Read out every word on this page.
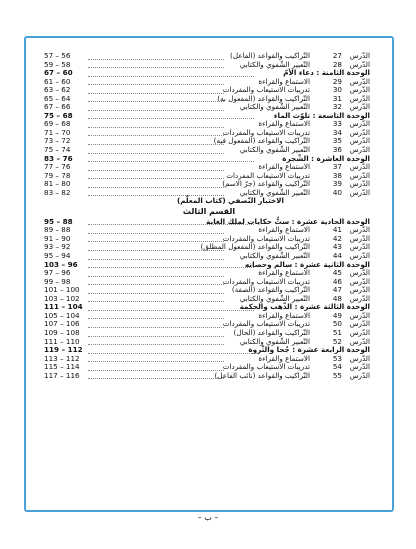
الدّرس
27
التّراكيب والقواعد (الفاعل)
57 – 56
الدّرس
28
التّعبير الشّفوي والكتابي
59 – 58
الوحدة الثامنة : دعاء الأمّ
67 – 60
الدّرس
29
الاستماع والقراءة
61 – 60
الدّرس
30
تدريبات الاستيعاب والمفردات
63 – 62
الدّرس
31
التّراكيب والقواعد (المفعول به)
65 – 64
الدّرس
32
التّعبير الشّفوي والكتابي
67 – 66
الوحدة التاسعة : تلوّث الماء
75 – 68
الدّرس
33
الاستماع والقراءة
69 – 68
الدّرس
34
تدريبات الاستيعاب والمفردات
71 – 70
الدّرس
35
التّراكيب والقواعد (المفعول فيه)
73 – 72
الدّرس
36
التّعبير الشّفوي والكتابي
75 – 74
الوحدة العاشرة : الشّجرة
83 – 76
الدّرس
37
الاستماع والقراءة
77 – 76
الدّرس
38
تدريبات الاستيعاب المفردات
79 – 78
الدّرس
39
التّراكيب والقواعد (جرّ الاسم)
81 – 80
الدّرس
40
التّعبير الشّفوي والكتابي
83 – 82
الاختبار النّصفي (كتاب المعلّم)
القسم الثالث
الوحدة الحادية عشرة : ستُّ حكايات لملك الغابة
95 – 88
الدّرس
41
الاستماع والقراءة
89 – 88
الدّرس
42
تدريبات الاستيعاب والمفردات
91 – 90
الدّرس
43
التّراكيب والقواعد (المفعول المطلق)
93 – 92
الدّرس
44
التّعبير الشّفوي والكتابي
95 – 94
الوحدة الثانية عشرة : سالم وحصانه
103 – 96
الدّرس
45
الاستماع والقراءة
97 – 96
الدّرس
46
تدريبات الاستيعاب والمفردات
99 – 98
الدّرس
47
التّراكيب والقواعد (الصفة)
101 – 100
الدّرس
48
التّعبير الشّفوي والكتابي
103 – 102
الوحدة الثالثة عشرة : الذّهب والحكمة
111 – 104
الدّرس
49
الاستماع والقراءة
105 – 104
الدّرس
50
تدريبات الاستيعاب والمفردات
107 – 106
الدّرس
51
التّراكيب والقواعد (الحال)
109 – 108
الدّرس
52
التّعبير الشّفوي والكتابي
111 – 110
الوحدة الرابعة عشرة : جُحا والثّروة
119 – 112
الدّرس
53
الاستماع والقراءة
113 – 112
الدّرس
54
تدريبات الاستيعاب والمفردات
115 – 114
الدّرس
55
التّراكيب والقواعد (نائب الفاعل)
117 – 116
– ب –
